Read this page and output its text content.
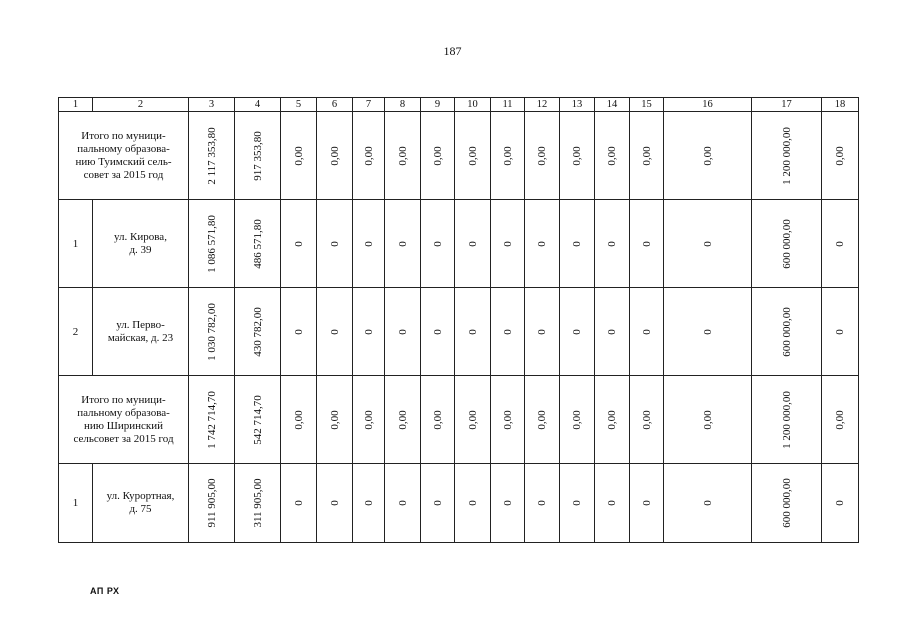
187
1	2	3	4	5	6	7	8	9	10	11	12	13	14	15	16	17	18
Итого по муници-
пальному образова-
нию Туимский сель-
совет за 2015 год		2 117 353,80	917 353,80	0,00	0,00	0,00	0,00	0,00	0,00	0,00	0,00	0,00	0,00	0,00	0,00	1 200 000,00	0,00

1	ул. Кирова,
д. 39	1 086 571,80	486 571,80	0	0	0	0	0	0	0	0	0	0	0	0	600 000,00	0

2	ул. Перво-
майская, д. 23	1 030 782,00	430 782,00	0	0	0	0	0	0	0	0	0	0	0	0	600 000,00	0

Итого по муници-
пальному образова-
нию Ширинский
сельсовет за 2015 год		1 742 714,70	542 714,70	0,00	0,00	0,00	0,00	0,00	0,00	0,00	0,00	0,00	0,00	0,00	0,00	1 200 000,00	0,00

1	ул. Курортная,
д. 75	911 905,00	311 905,00	0	0	0	0	0	0	0	0	0	0	0	0	600 000,00	0
АП РХ
